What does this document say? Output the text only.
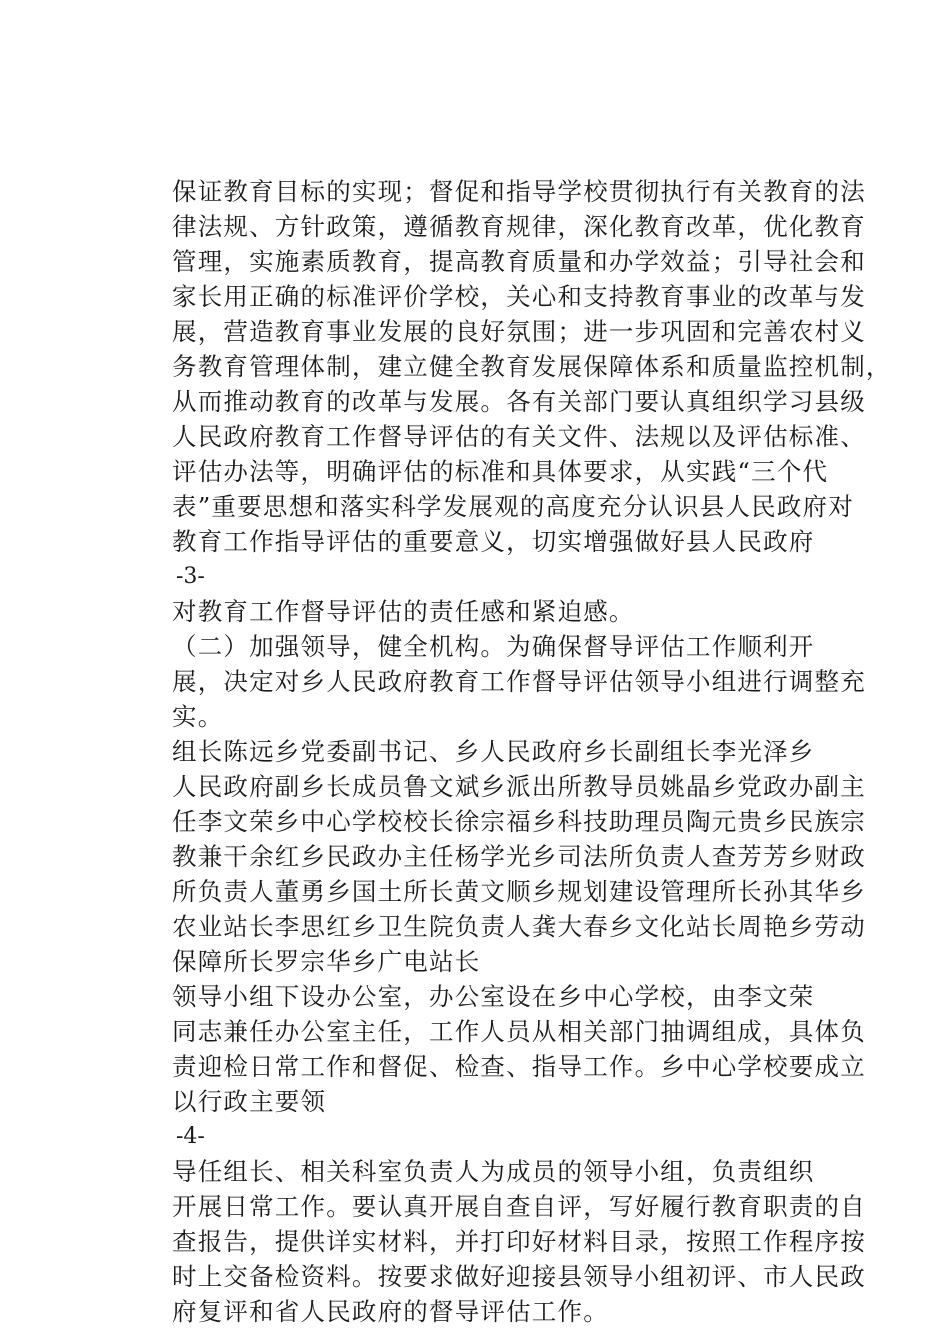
保证教育目标的实现；督促和指导学校贯彻执行有关教育的法
律法规、方针政策，遵循教育规律，深化教育改革，优化教育
管理，实施素质教育，提高教育质量和办学效益；引导社会和
家长用正确的标准评价学校，关心和支持教育事业的改革与发
展，营造教育事业发展的良好氛围；进一步巩固和完善农村义
务教育管理体制，建立健全教育发展保障体系和质量监控机制，
从而推动教育的改革与发展。各有关部门要认真组织学习县级
人民政府教育工作督导评估的有关文件、法规以及评估标准、
评估办法等，明确评估的标准和具体要求，从实践“三个代
表”重要思想和落实科学发展观的高度充分认识县人民政府对
教育工作指导评估的重要意义，切实增强做好县人民政府
-3-
对教育工作督导评估的责任感和紧迫感。
（二）加强领导，健全机构。为确保督导评估工作顺利开
展，决定对乡人民政府教育工作督导评估领导小组进行调整充
实。
组长陈远乡党委副书记、乡人民政府乡长副组长李光泽乡
人民政府副乡长成员鲁文斌乡派出所教导员姚晶乡党政办副主
任李文荣乡中心学校校长徐宗福乡科技助理员陶元贵乡民族宗
教兼干余红乡民政办主任杨学光乡司法所负责人查芳芳乡财政
所负责人董勇乡国土所长黄文顺乡规划建设管理所长孙其华乡
农业站长李思红乡卫生院负责人龚大春乡文化站长周艳乡劳动
保障所长罗宗华乡广电站长
领导小组下设办公室，办公室设在乡中心学校，由李文荣
同志兼任办公室主任，工作人员从相关部门抽调组成，具体负
责迎检日常工作和督促、检查、指导工作。乡中心学校要成立
以行政主要领
-4-
导任组长、相关科室负责人为成员的领导小组，负责组织
开展日常工作。要认真开展自查自评，写好履行教育职责的自
查报告，提供详实材料，并打印好材料目录，按照工作程序按
时上交备检资料。按要求做好迎接县领导小组初评、市人民政
府复评和省人民政府的督导评估工作。
